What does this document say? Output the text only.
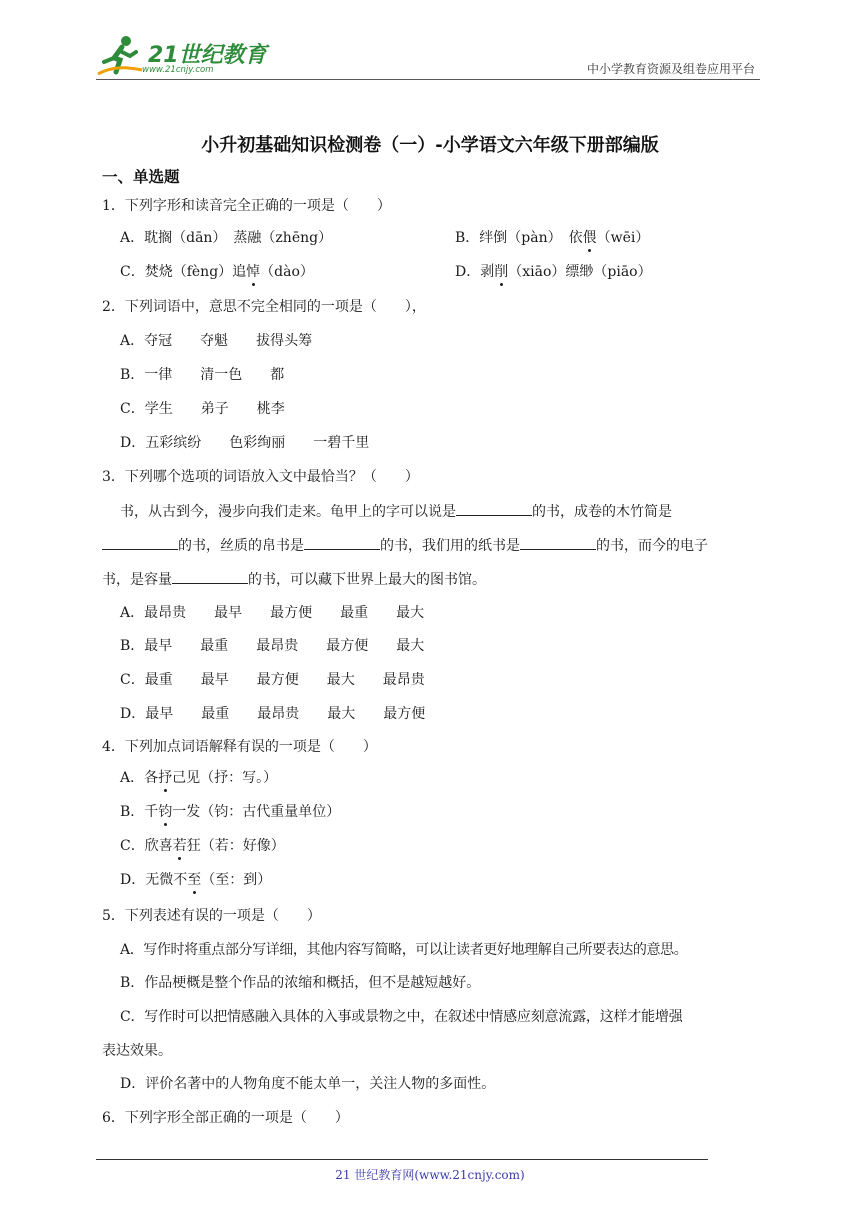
21世纪教育
www.21cnjy.com	中小学教育资源及组卷应用平台
小升初基础知识检测卷（一）-小学语文六年级下册部编版
一、单选题
1．下列字形和读音完全正确的一项是（　　）
A．耽搁（dān）　蒸融（zhēng）	B．绊倒（pàn）　依偎（wēi）
C．焚烧（fèng）追悼（dào）	D．剥削（xiāo）缥缈（piāo）
2．下列词语中，意思不完全相同的一项是（　　），
A．夺冠　　夺魁　　拔得头筹
B．一律　　清一色　　都
C．学生　　弟子　　桃李
D．五彩缤纷　　色彩绚丽　　一碧千里
3．下列哪个选项的词语放入文中最恰当？（　　）
书，从古到今，漫步向我们走来。龟甲上的字可以说是	的书，成卷的木竹简是
的书，丝质的帛书是	的书，我们用的纸书是	的书，而今的电子
书，是容量	的书，可以藏下世界上最大的图书馆。
A．最昂贵　　最早　　最方便　　最重　　最大
B．最早　　最重　　最昂贵　　最方便　　最大
C．最重　　最早　　最方便　　最大　　最昂贵
D．最早　　最重　　最昂贵　　最大　　最方便
4．下列加点词语解释有误的一项是（　　）
A．各抒己见（抒：写。）
B．千钧一发（钧：古代重量单位）
C．欣喜若狂（若：好像）
D．无微不至（至：到）
5．下列表述有误的一项是（　　）
A．写作时将重点部分写详细，其他内容写简略，可以让读者更好地理解自己所要表达的意思。
B．作品梗概是整个作品的浓缩和概括，但不是越短越好。
C．写作时可以把情感融入具体的入事或景物之中，在叙述中情感应刻意流露，这样才能增强
表达效果。
D．评价名著中的人物角度不能太单一，关注人物的多面性。
6．下列字形全部正确的一项是（　　）
21 世纪教育网(www.21cnjy.com)
